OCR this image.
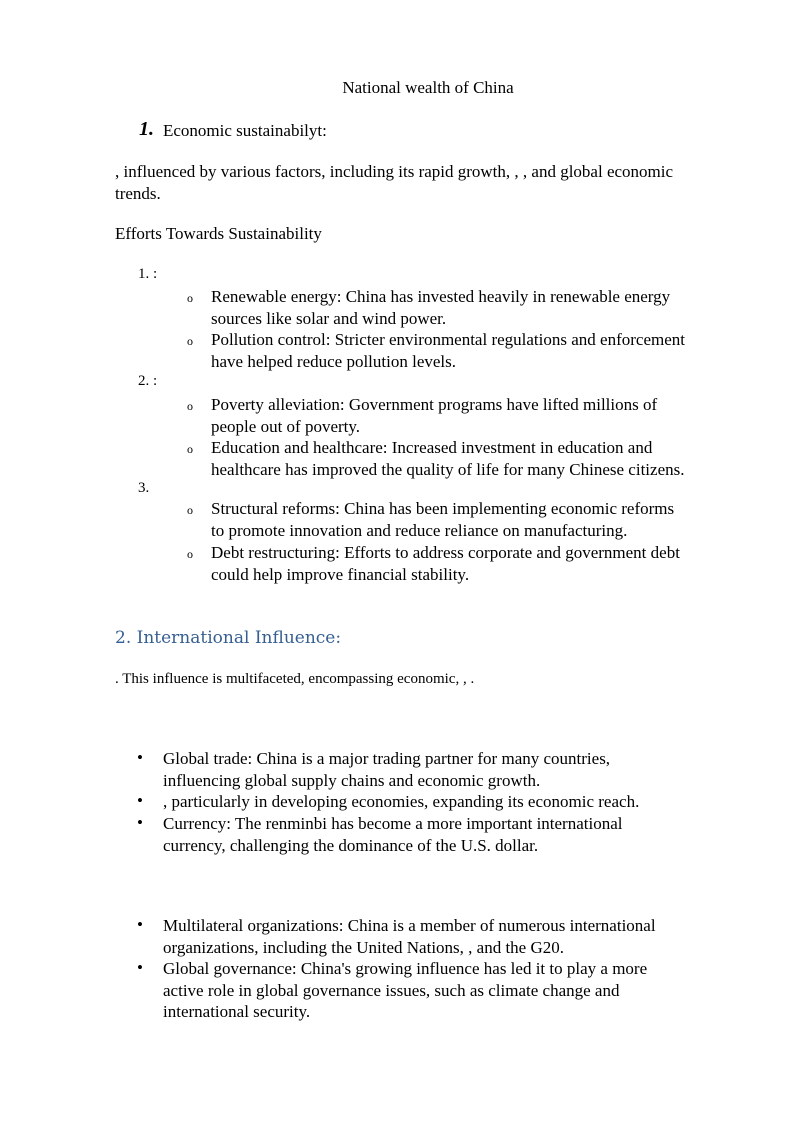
National wealth of China
1. Economic sustainabilyt:
, influenced by various factors, including its rapid growth, , , and global economic
trends.
Efforts Towards Sustainability
1. :
o Renewable energy: China has invested heavily in renewable energy
sources like solar and wind power.
o Pollution control: Stricter environmental regulations and enforcement
have helped reduce pollution levels.
2. :
o Poverty alleviation: Government programs have lifted millions of
people out of poverty.
o Education and healthcare: Increased investment in education and
healthcare has improved the quality of life for many Chinese citizens.
3.
o Structural reforms: China has been implementing economic reforms
to promote innovation and reduce reliance on manufacturing.
o Debt restructuring: Efforts to address corporate and government debt
could help improve financial stability.
2. International Influence:
. This influence is multifaceted, encompassing economic, , .
• Global trade: China is a major trading partner for many countries,
influencing global supply chains and economic growth.
• , particularly in developing economies, expanding its economic reach.
• Currency: The renminbi has become a more important international
currency, challenging the dominance of the U.S. dollar.
• Multilateral organizations: China is a member of numerous international
organizations, including the United Nations, , and the G20.
• Global governance: China's growing influence has led it to play a more
active role in global governance issues, such as climate change and
international security.
